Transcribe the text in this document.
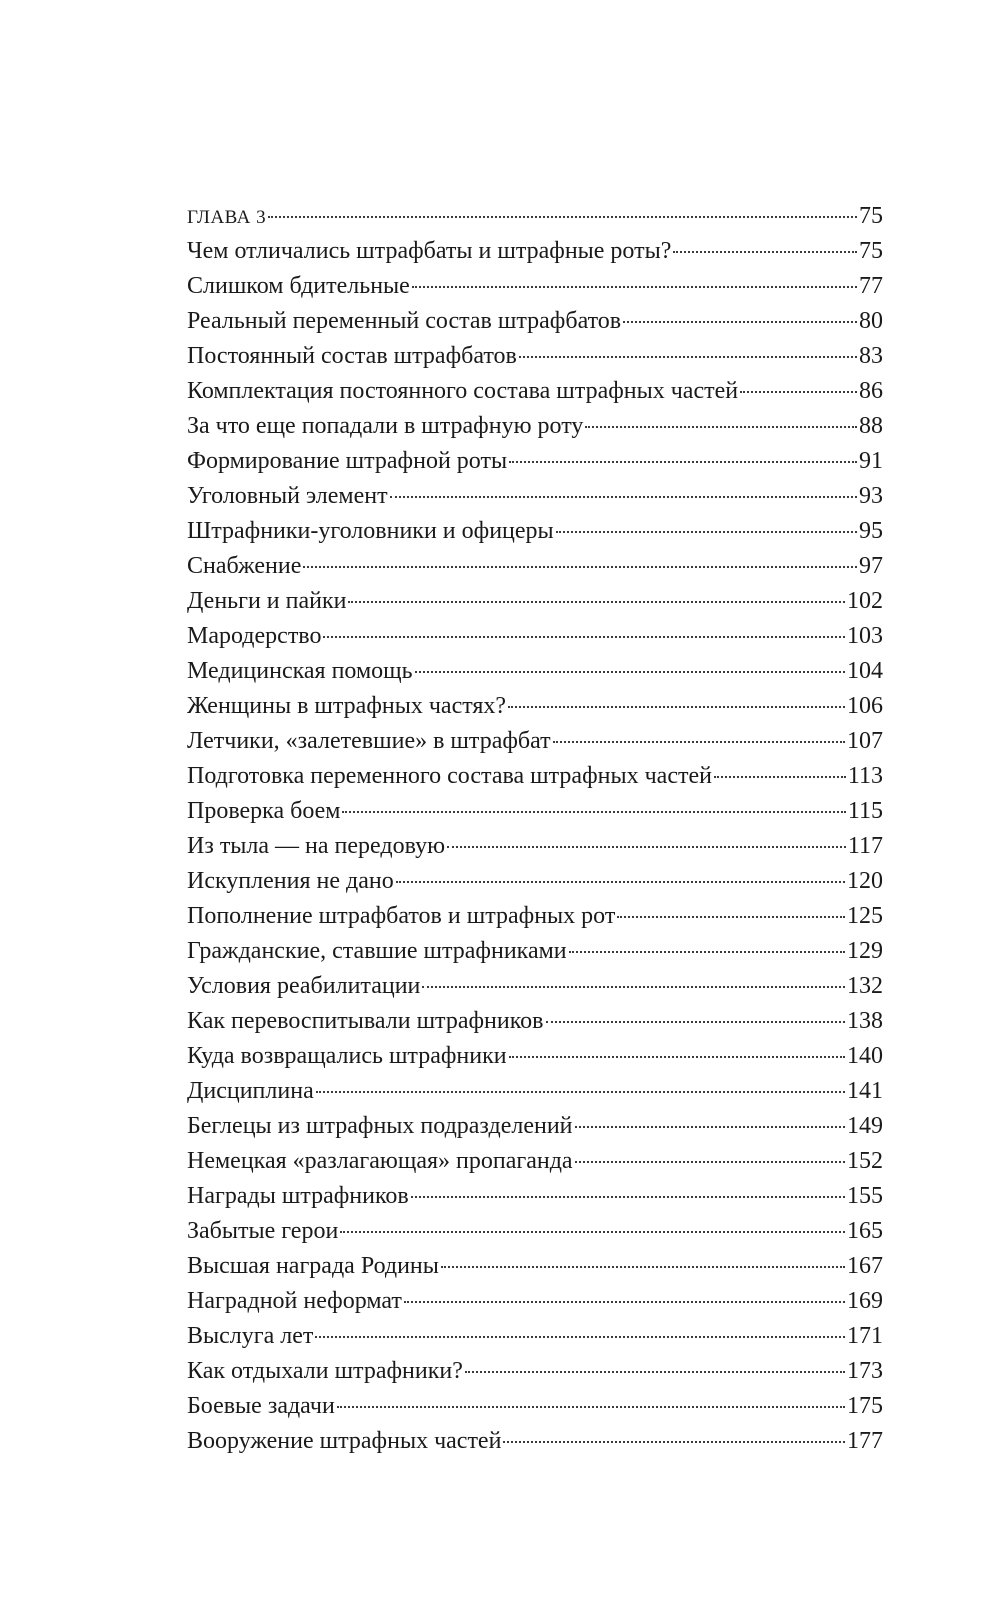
ГЛАВА 3	75
Чем отличались штрафбаты и штрафные роты?	75
Слишком бдительные	77
Реальный переменный состав штрафбатов	80
Постоянный состав штрафбатов	83
Комплектация постоянного состава штрафных частей	86
За что еще попадали в штрафную роту	88
Формирование штрафной роты	91
Уголовный элемент	93
Штрафники-уголовники и офицеры	95
Снабжение	97
Деньги и пайки	102
Мародерство	103
Медицинская помощь	104
Женщины в штрафных частях?	106
Летчики, «залетевшие» в штрафбат	107
Подготовка переменного состава штрафных частей	113
Проверка боем	115
Из тыла — на передовую	117
Искупления не дано	120
Пополнение штрафбатов и штрафных рот	125
Гражданские, ставшие штрафниками	129
Условия реабилитации	132
Как перевоспитывали штрафников	138
Куда возвращались штрафники	140
Дисциплина	141
Беглецы из штрафных подразделений	149
Немецкая «разлагающая» пропаганда	152
Награды штрафников	155
Забытые герои	165
Высшая награда Родины	167
Наградной неформат	169
Выслуга лет	171
Как отдыхали штрафники?	173
Боевые задачи	175
Вооружение штрафных частей	177
